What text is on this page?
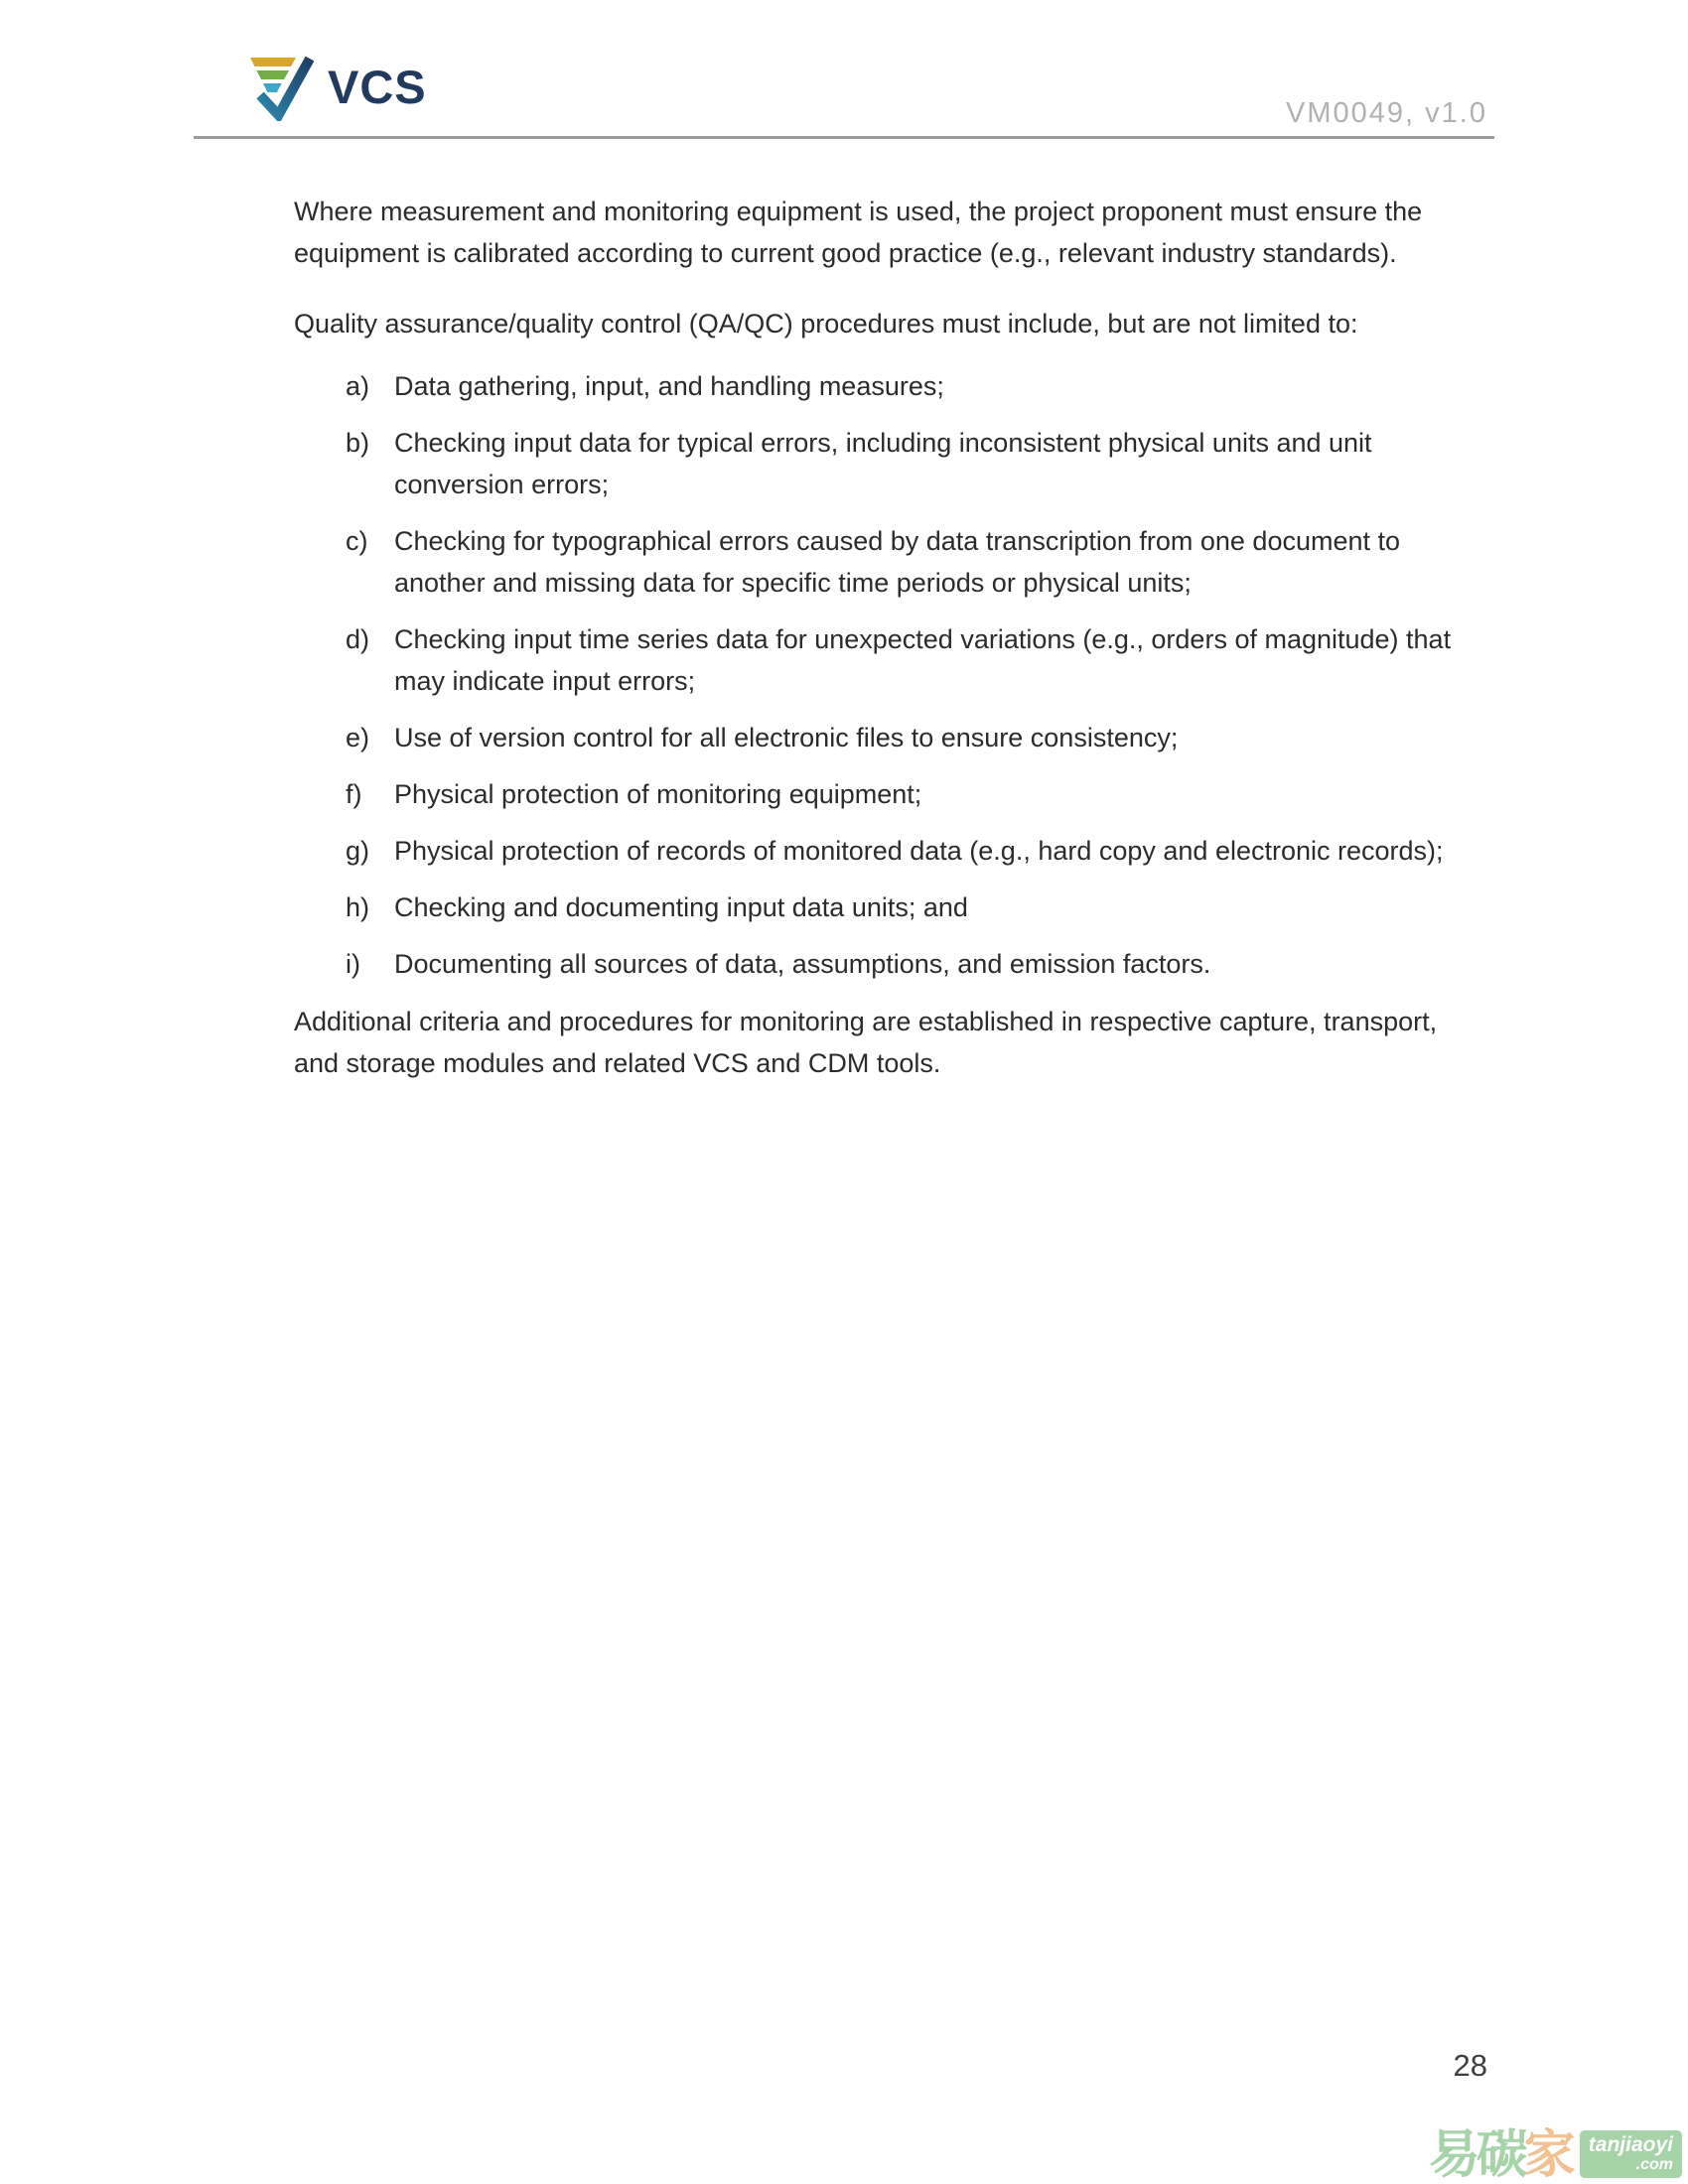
VCS	VM0049, v1.0

Where measurement and monitoring equipment is used, the project proponent must ensure the equipment is calibrated according to current good practice (e.g., relevant industry standards).

Quality assurance/quality control (QA/QC) procedures must include, but are not limited to:

a) Data gathering, input, and handling measures;
b) Checking input data for typical errors, including inconsistent physical units and unit conversion errors;
c) Checking for typographical errors caused by data transcription from one document to another and missing data for specific time periods or physical units;
d) Checking input time series data for unexpected variations (e.g., orders of magnitude) that may indicate input errors;
e) Use of version control for all electronic files to ensure consistency;
f)	Physical protection of monitoring equipment;
g) Physical protection of records of monitored data (e.g., hard copy and electronic records);
h) Checking and documenting input data units; and
i)	Documenting all sources of data, assumptions, and emission factors.

Additional criteria and procedures for monitoring are established in respective capture, transport, and storage modules and related VCS and CDM tools.

28
易 碳 家 tanjiaoyi
.com
